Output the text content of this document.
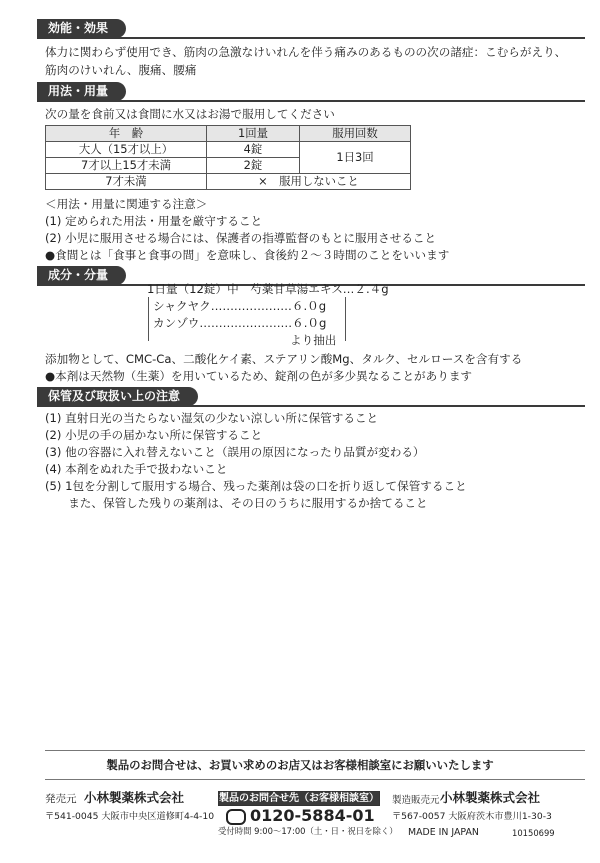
効能・効果
体力に関わらず使用でき、筋肉の急激なけいれんを伴う痛みのあるものの次の諸症：こむらがえり、
筋肉のけいれん、腹痛、腰痛
用法・用量
次の量を食前又は食間に水又はお湯で服用してください
年　齢	1回量	服用回数
大人（15才以上）	4錠	1日3回
7才以上15才未満	2錠	
7才未満	×　服用しないこと	
＜用法・用量に関連する注意＞
(1) 定められた用法・用量を厳守すること
(2) 小児に服用させる場合には、保護者の指導監督のもとに服用させること
●食間とは「食事と食事の間」を意味し、食後約２～３時間のことをいいます
成分・分量
1日量（12錠）中　芍薬甘草湯エキス…２.４g
シャクヤク…………………６.０g
カンゾウ……………………６.０g
より抽出
添加物として、CMC-Ca、二酸化ケイ素、ステアリン酸Mg、タルク、セルロースを含有する
●本剤は天然物（生薬）を用いているため、錠剤の色が多少異なることがあります
保管及び取扱い上の注意
(1) 直射日光の当たらない湿気の少ない涼しい所に保管すること
(2) 小児の手の届かない所に保管すること
(3) 他の容器に入れ替えないこと（誤用の原因になったり品質が変わる）
(4) 本剤をぬれた手で扱わないこと
(5) 1包を分割して服用する場合、残った薬剤は袋の口を折り返して保管すること
　　また、保管した残りの薬剤は、その日のうちに服用するか捨てること
製品のお問合せは、お買い求めのお店又はお客様相談室にお願いいたします
発売元 小林製薬株式会社
〒541-0045 大阪市中央区道修町4-4-10
製品のお問合せ先（お客様相談室）
0120-5884-01
受付時間 9:00～17:00（土・日・祝日を除く）
製造販売元 小林製薬株式会社
〒567-0057 大阪府茨木市豊川1-30-3
MADE IN JAPAN	10150699
